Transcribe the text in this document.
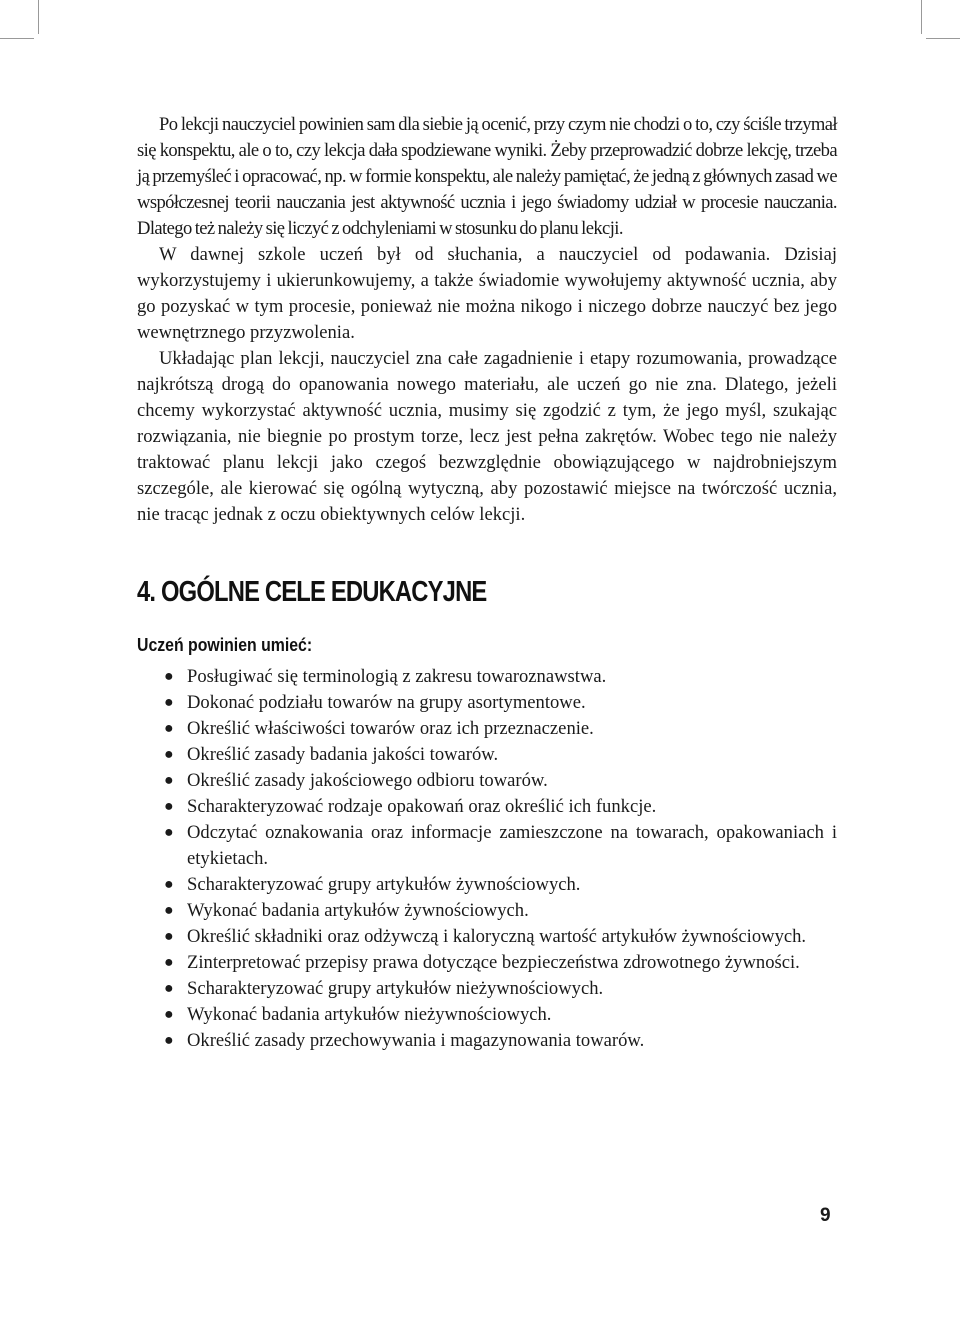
Po lekcji nauczyciel powinien sam dla siebie ją ocenić, przy czym nie chodzi o to, czy ściśle trzymał się konspektu, ale o to, czy lekcja dała spodziewane wyniki. Żeby przeprowadzić dobrze lekcję, trzeba ją przemyśleć i opracować, np. w formie konspektu, ale należy pamiętać, że jedną z głównych zasad we współczesnej teorii nauczania jest aktywność ucznia i jego świadomy udział w procesie nauczania. Dlatego też należy się liczyć z odchyleniami w stosunku do planu lekcji.

W dawnej szkole uczeń był od słuchania, a nauczyciel od podawania. Dzisiaj wykorzystujemy i ukierunkowujemy, a także świadomie wywołujemy aktywność ucznia, aby go pozyskać w tym procesie, ponieważ nie można nikogo i niczego dobrze nauczyć bez jego wewnętrznego przyzwolenia.

Układając plan lekcji, nauczyciel zna całe zagadnienie i etapy rozumowania, prowadzące najkrótszą drogą do opanowania nowego materiału, ale uczeń go nie zna. Dlatego, jeżeli chcemy wykorzystać aktywność ucznia, musimy się zgodzić z tym, że jego myśl, szukając rozwiązania, nie biegnie po prostym torze, lecz jest pełna zakrętów. Wobec tego nie należy traktować planu lekcji jako czegoś bezwzględnie obowiązującego w najdrobniejszym szczególe, ale kierować się ogólną wytyczną, aby pozostawić miejsce na twórczość ucznia, nie tracąc jednak z oczu obiektywnych celów lekcji.

4. OGÓLNE CELE EDUKACYJNE
Uczeń powinien umieć:
● Posługiwać się terminologią z zakresu towaroznawstwa.
● Dokonać podziału towarów na grupy asortymentowe.
● Określić właściwości towarów oraz ich przeznaczenie.
● Określić zasady badania jakości towarów.
● Określić zasady jakościowego odbioru towarów.
● Scharakteryzować rodzaje opakowań oraz określić ich funkcje.
● Odczytać oznakowania oraz informacje zamieszczone na towarach, opakowaniach i etykietach.
● Scharakteryzować grupy artykułów żywnościowych.
● Wykonać badania artykułów żywnościowych.
● Określić składniki oraz odżywczą i kaloryczną wartość artykułów żywnościowych.
● Zinterpretować przepisy prawa dotyczące bezpieczeństwa zdrowotnego żywności.
● Scharakteryzować grupy artykułów nieżywnościowych.
● Wykonać badania artykułów nieżywnościowych.
● Określić zasady przechowywania i magazynowania towarów.
9
